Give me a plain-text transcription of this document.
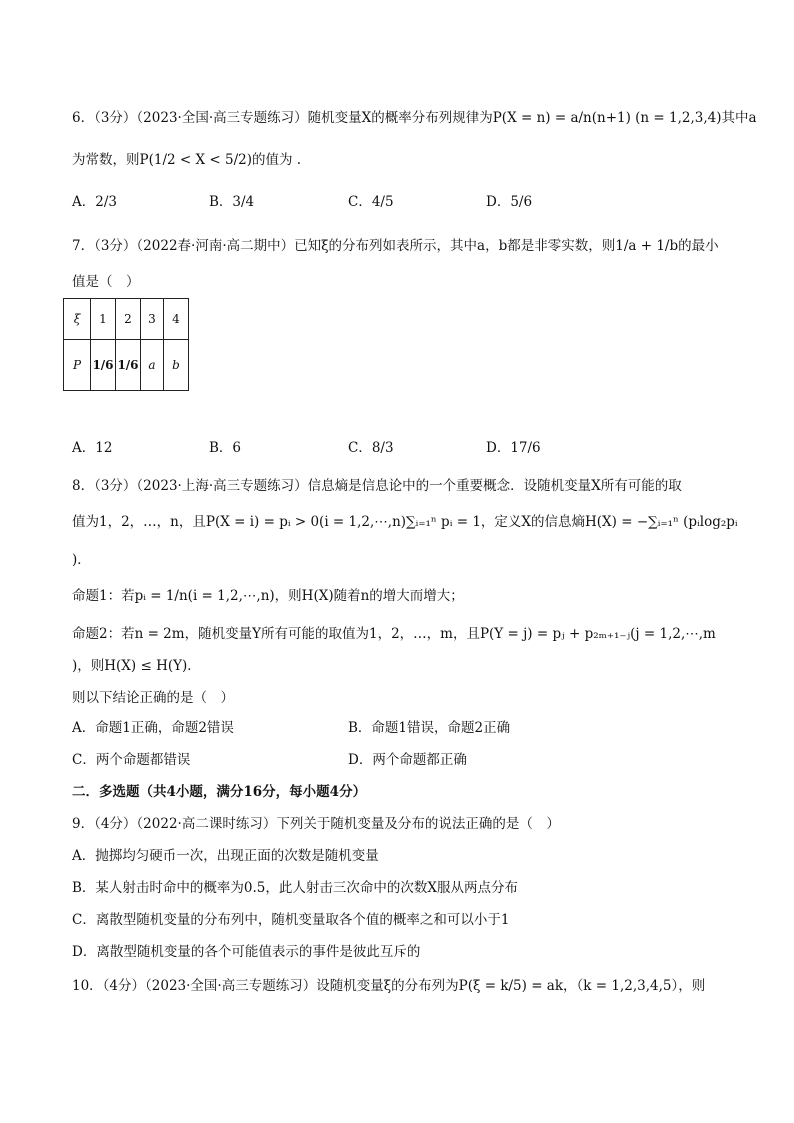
6．（3分）（2023·全国·高三专题练习）随机变量X的概率分布列规律为P(X = n) = a/n(n+1) (n = 1,2,3,4)其中a
为常数，则P(1/2 < X < 5/2)的值为 .
A．2/3	B．3/4	C．4/5	D．5/6
7．（3分）（2022春·河南·高二期中）已知ξ的分布列如表所示，其中a，b都是非零实数，则1/a + 1/b的最小
值是（　）
ξ	1	2	3	4
P	1/6	1/6	a	b
A．12	B．6	C．8/3	D．17/6
8．（3分）（2023·上海·高三专题练习）信息熵是信息论中的一个重要概念．设随机变量X所有可能的取
值为1，2，…，n，且P(X = i) = pᵢ > 0(i = 1,2,⋯,n)∑ᵢ₌₁ⁿ pᵢ = 1，定义X的信息熵H(X) = −∑ᵢ₌₁ⁿ (pᵢlog₂pᵢ
)．
命题1：若pᵢ = 1/n(i = 1,2,⋯,n)，则H(X)随着n的增大而增大；
命题2：若n = 2m，随机变量Y所有可能的取值为1，2，…，m，且P(Y = j) = pⱼ + p₂ₘ₊₁₋ⱼ(j = 1,2,⋯,m
)，则H(X) ≤ H(Y)．
则以下结论正确的是（　）
A．命题1正确，命题2错误	B．命题1错误，命题2正确
C．两个命题都错误	D．两个命题都正确
二．多选题（共4小题，满分16分，每小题4分）
9．（4分）（2022·高二课时练习）下列关于随机变量及分布的说法正确的是（　）
A．抛掷均匀硬币一次，出现正面的次数是随机变量
B．某人射击时命中的概率为0.5，此人射击三次命中的次数X服从两点分布
C．离散型随机变量的分布列中，随机变量取各个值的概率之和可以小于1
D．离散型随机变量的各个可能值表示的事件是彼此互斥的
10．（4分）（2023·全国·高三专题练习）设随机变量ξ的分布列为P(ξ = k/5) = ak，（k = 1,2,3,4,5），则
